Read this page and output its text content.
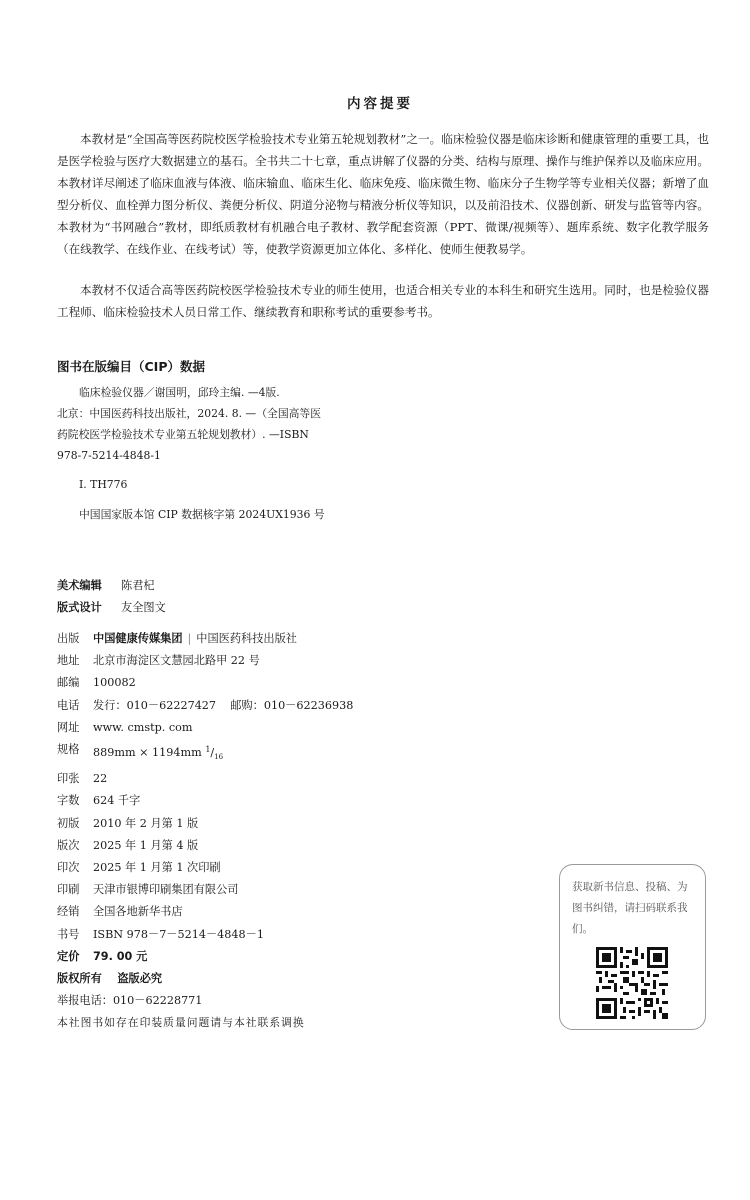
内容提要

本教材是“全国高等医药院校医学检验技术专业第五轮规划教材”之一。临床检验仪器是临床诊断和健康管理的重要工具，也是医学检验与医疗大数据建立的基石。全书共二十七章，重点讲解了仪器的分类、结构与原理、操作与维护保养以及临床应用。本教材详尽阐述了临床血液与体液、临床输血、临床生化、临床免疫、临床微生物、临床分子生物学等专业相关仪器；新增了血型分析仪、血栓弹力图分析仪、粪便分析仪、阴道分泌物与精液分析仪等知识，以及前沿技术、仪器创新、研发与监管等内容。本教材为“书网融合”教材，即纸质教材有机融合电子教材、教学配套资源（PPT、微课/视频等）、题库系统、数字化教学服务（在线教学、在线作业、在线考试）等，使教学资源更加立体化、多样化、使师生便教易学。

本教材不仅适合高等医药院校医学检验技术专业的师生使用，也适合相关专业的本科生和研究生选用。同时，也是检验仪器工程师、临床检验技术人员日常工作、继续教育和职称考试的重要参考书。

图书在版编目（CIP）数据

临床检验仪器／谢国明，邱玲主编. —4版.

北京：中国医药科技出版社，2024. 8. —（全国高等医

药院校医学检验技术专业第五轮规划教材）. —ISBN

978-7-5214-4848-1

Ⅰ. TH776
中国国家版本馆 CIP 数据核字第 2024UX1936 号
美术编辑	陈君杞
版式设计	友全图文
出版	中国健康传媒集团 | 中国医药科技出版社
地址	北京市海淀区文慧园北路甲 22 号
邮编	100082
电话	发行：010－62227427    邮购：010－62236938
网址	www. cmstp. com
规格	889mm × 1194mm $^1/_{16}$
印张	22
字数	624 千字
初版	2010 年 2 月第 1 版
版次	2025 年 1 月第 4 版
印次	2025 年 1 月第 1 次印刷
印刷	天津市银博印刷集团有限公司
经销	全国各地新华书店
书号	ISBN 978－7－5214－4848－1
定价	79. 00 元
版权所有    盗版必究
举报电话：010－62228771
本社图书如存在印装质量问题请与本社联系调换
获取新书信息、投稿、为图书纠错，请扫码联系我们。
